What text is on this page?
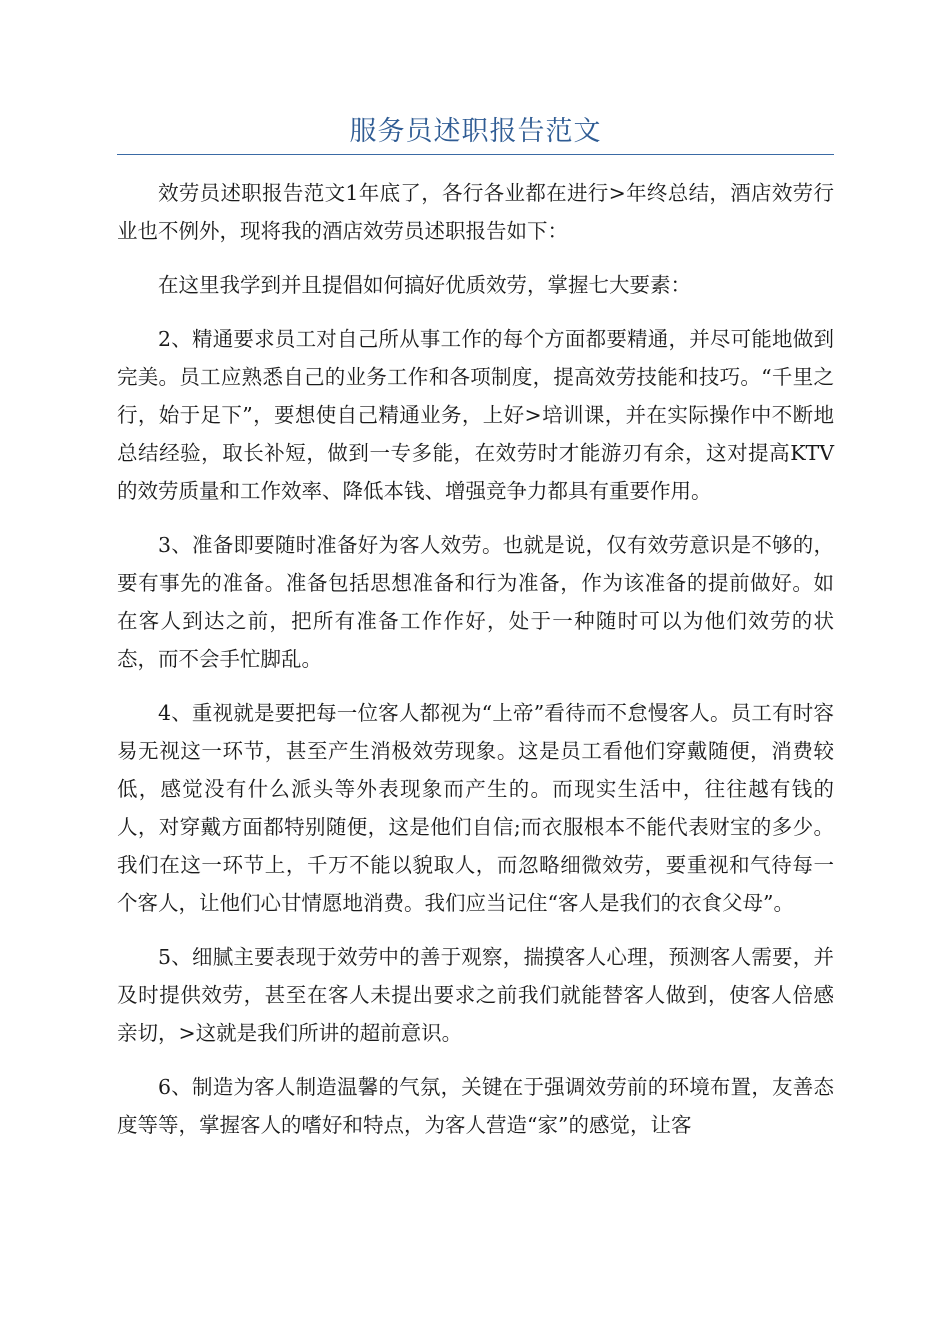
服务员述职报告范文

效劳员述职报告范文1年底了，各行各业都在进行>年终总结，酒店效劳行业也不例外，现将我的酒店效劳员述职报告如下：

在这里我学到并且提倡如何搞好优质效劳，掌握七大要素：

2、精通要求员工对自己所从事工作的每个方面都要精通，并尽可能地做到完美。员工应熟悉自己的业务工作和各项制度，提高效劳技能和技巧。“千里之行，始于足下”，要想使自己精通业务，上好>培训课，并在实际操作中不断地总结经验，取长补短，做到一专多能，在效劳时才能游刃有余，这对提高KTV的效劳质量和工作效率、降低本钱、增强竞争力都具有重要作用。

3、准备即要随时准备好为客人效劳。也就是说，仅有效劳意识是不够的，要有事先的准备。准备包括思想准备和行为准备，作为该准备的提前做好。如在客人到达之前，把所有准备工作作好，处于一种随时可以为他们效劳的状态，而不会手忙脚乱。

4、重视就是要把每一位客人都视为“上帝”看待而不怠慢客人。员工有时容易无视这一环节，甚至产生消极效劳现象。这是员工看他们穿戴随便，消费较低，感觉没有什么派头等外表现象而产生的。而现实生活中，往往越有钱的人，对穿戴方面都特别随便，这是他们自信;而衣服根本不能代表财宝的多少。我们在这一环节上，千万不能以貌取人，而忽略细微效劳，要重视和气待每一个客人，让他们心甘情愿地消费。我们应当记住“客人是我们的衣食父母”。

5、细腻主要表现于效劳中的善于观察，揣摸客人心理，预测客人需要，并及时提供效劳，甚至在客人未提出要求之前我们就能替客人做到，使客人倍感亲切，>这就是我们所讲的超前意识。

6、制造为客人制造温馨的气氛，关键在于强调效劳前的环境布置，友善态度等等，掌握客人的嗜好和特点，为客人营造“家”的感觉，让客
